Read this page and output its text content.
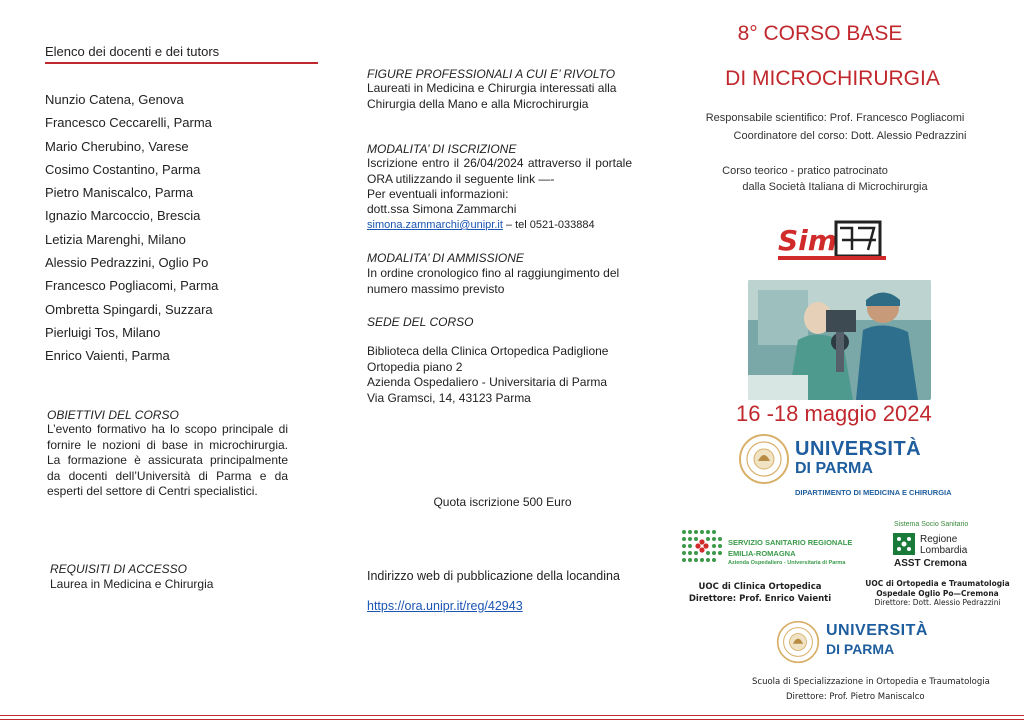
Elenco dei docenti e dei tutors
Nunzio Catena, Genova
Francesco Ceccarelli, Parma
Mario Cherubino, Varese
Cosimo Costantino, Parma
Pietro Maniscalco, Parma
Ignazio Marcoccio, Brescia
Letizia Marenghi, Milano
Alessio Pedrazzini, Oglio Po
Francesco Pogliacomi, Parma
Ombretta Spingardi, Suzzara
Pierluigi Tos, Milano
Enrico Vaienti, Parma
OBIETTIVI DEL CORSO
L’evento formativo ha lo scopo principale di fornire le nozioni di base in microchirurgia. La formazione è assicurata principalmente da docenti dell’Università di Parma e da esperti del settore di Centri specialistici.
REQUISITI DI ACCESSO
Laurea in Medicina e Chirurgia
FIGURE PROFESSIONALI A CUI E’ RIVOLTO
Laureati in Medicina e Chirurgia interessati alla Chirurgia della Mano e alla Microchirurgia
MODALITA’ DI ISCRIZIONE
Iscrizione entro il 26/04/2024 attraverso il portale ORA utilizzando il seguente link —-
Per eventuali informazioni:
dott.ssa Simona Zammarchi
simona.zammarchi@unipr.it – tel 0521-033884
MODALITA’ DI AMMISSIONE
In ordine cronologico fino al raggiungimento del numero massimo previsto
SEDE DEL CORSO
Biblioteca della Clinica Ortopedica Padiglione
Ortopedia piano 2
Azienda Ospedaliero - Universitaria di Parma
Via Gramsci, 14, 43123 Parma
Quota iscrizione 500 Euro
Indirizzo web di pubblicazione della locandina
https://ora.unipr.it/reg/42943
8° CORSO BASE
DI MICROCHIRURGIA
Responsabile scientifico: Prof. Francesco Pogliacomi
Coordinatore del corso: Dott. Alessio Pedrazzini
Corso teorico - pratico patrocinato
dalla Società Italiana di Microchirurgia
Sim
16 -18 maggio 2024
UNIVERSITÀ
DI PARMA
DIPARTIMENTO DI MEDICINA E CHIRURGIA
SERVIZIO SANITARIO REGIONALE
EMILIA-ROMAGNA
Azienda Ospedaliero - Universitaria di Parma
Sistema Socio Sanitario
Regione
Lombardia
ASST Cremona
UOC di Clinica Ortopedica
Direttore: Prof. Enrico Vaienti
UOC di Ortopedia e Traumatologia
Ospedale Oglio Po—Cremona
Direttore: Dott. Alessio Pedrazzini
UNIVERSITÀ
DI PARMA
Scuola di Specializzazione in Ortopedia e Traumatologia
Direttore: Prof. Pietro Maniscalco
